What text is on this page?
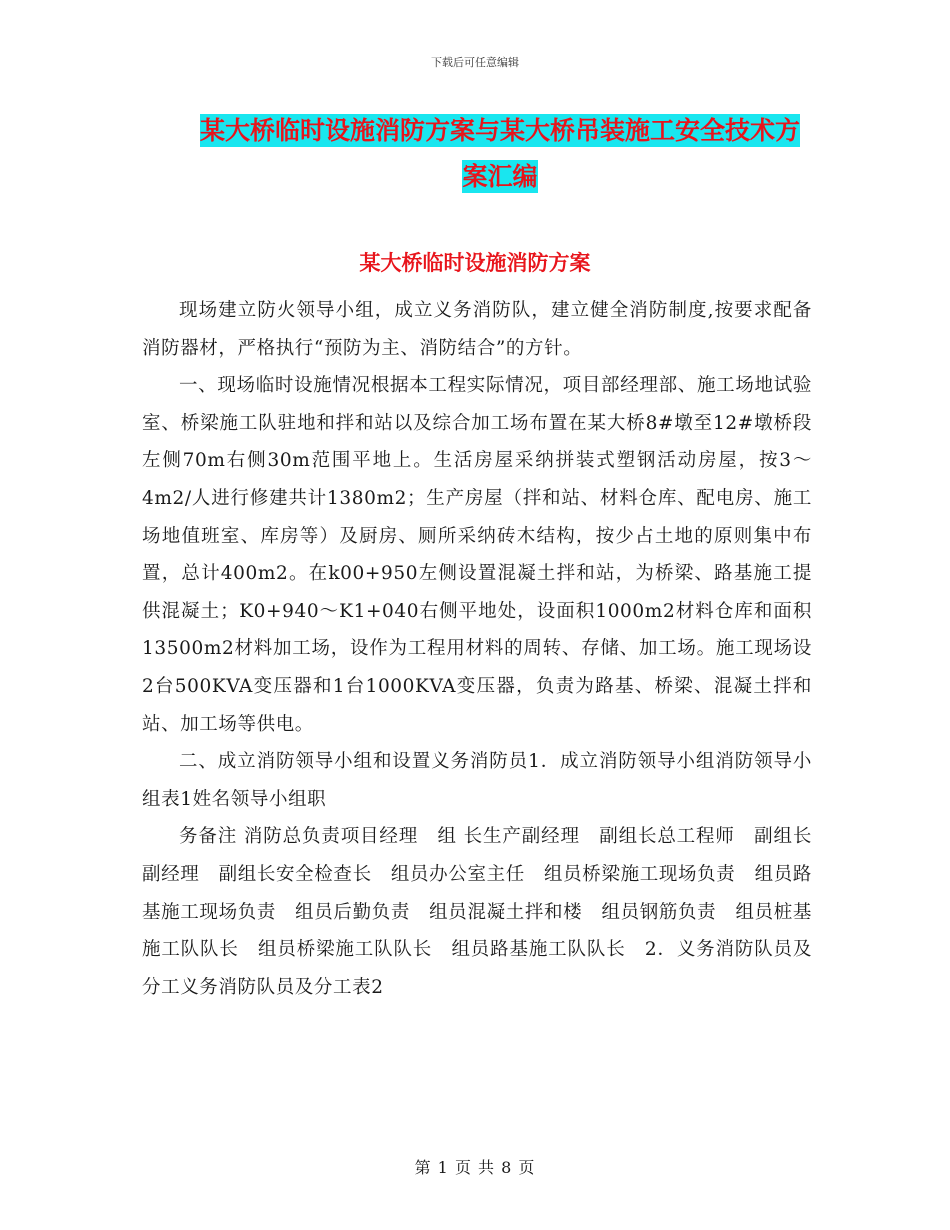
下载后可任意编辑
某大桥临时设施消防方案与某大桥吊装施工安全技术方案汇编
某大桥临时设施消防方案

现场建立防火领导小组，成立义务消防队，建立健全消防制度,按要求配备消防器材，严格执行“预防为主、消防结合”的方针。

一、现场临时设施情况根据本工程实际情况，项目部经理部、施工场地试验室、桥梁施工队驻地和拌和站以及综合加工场布置在某大桥8#墩至12#墩桥段左侧70m右侧30m范围平地上。生活房屋采纳拼装式塑钢活动房屋，按3～4m2/人进行修建共计1380m2；生产房屋（拌和站、材料仓库、配电房、施工场地值班室、库房等）及厨房、厕所采纳砖木结构，按少占土地的原则集中布置，总计400m2。在k00+950左侧设置混凝土拌和站，为桥梁、路基施工提供混凝土；K0+940～K1+040右侧平地处，设面积1000m2材料仓库和面积13500m2材料加工场，设作为工程用材料的周转、存储、加工场。施工现场设2台500KVA变压器和1台1000KVA变压器，负责为路基、桥梁、混凝土拌和站、加工场等供电。

二、成立消防领导小组和设置义务消防员1．成立消防领导小组消防领导小组表1姓名领导小组职

务备注 消防总负责项目经理　组 长生产副经理　副组长总工程师　副组长副经理　副组长安全检查长　组员办公室主任　组员桥梁施工现场负责　组员路基施工现场负责　组员后勤负责　组员混凝土拌和楼　组员钢筋负责　组员桩基施工队队长　组员桥梁施工队队长　组员路基施工队队长　2．义务消防队员及分工义务消防队员及分工表2

第 1 页 共 8 页
